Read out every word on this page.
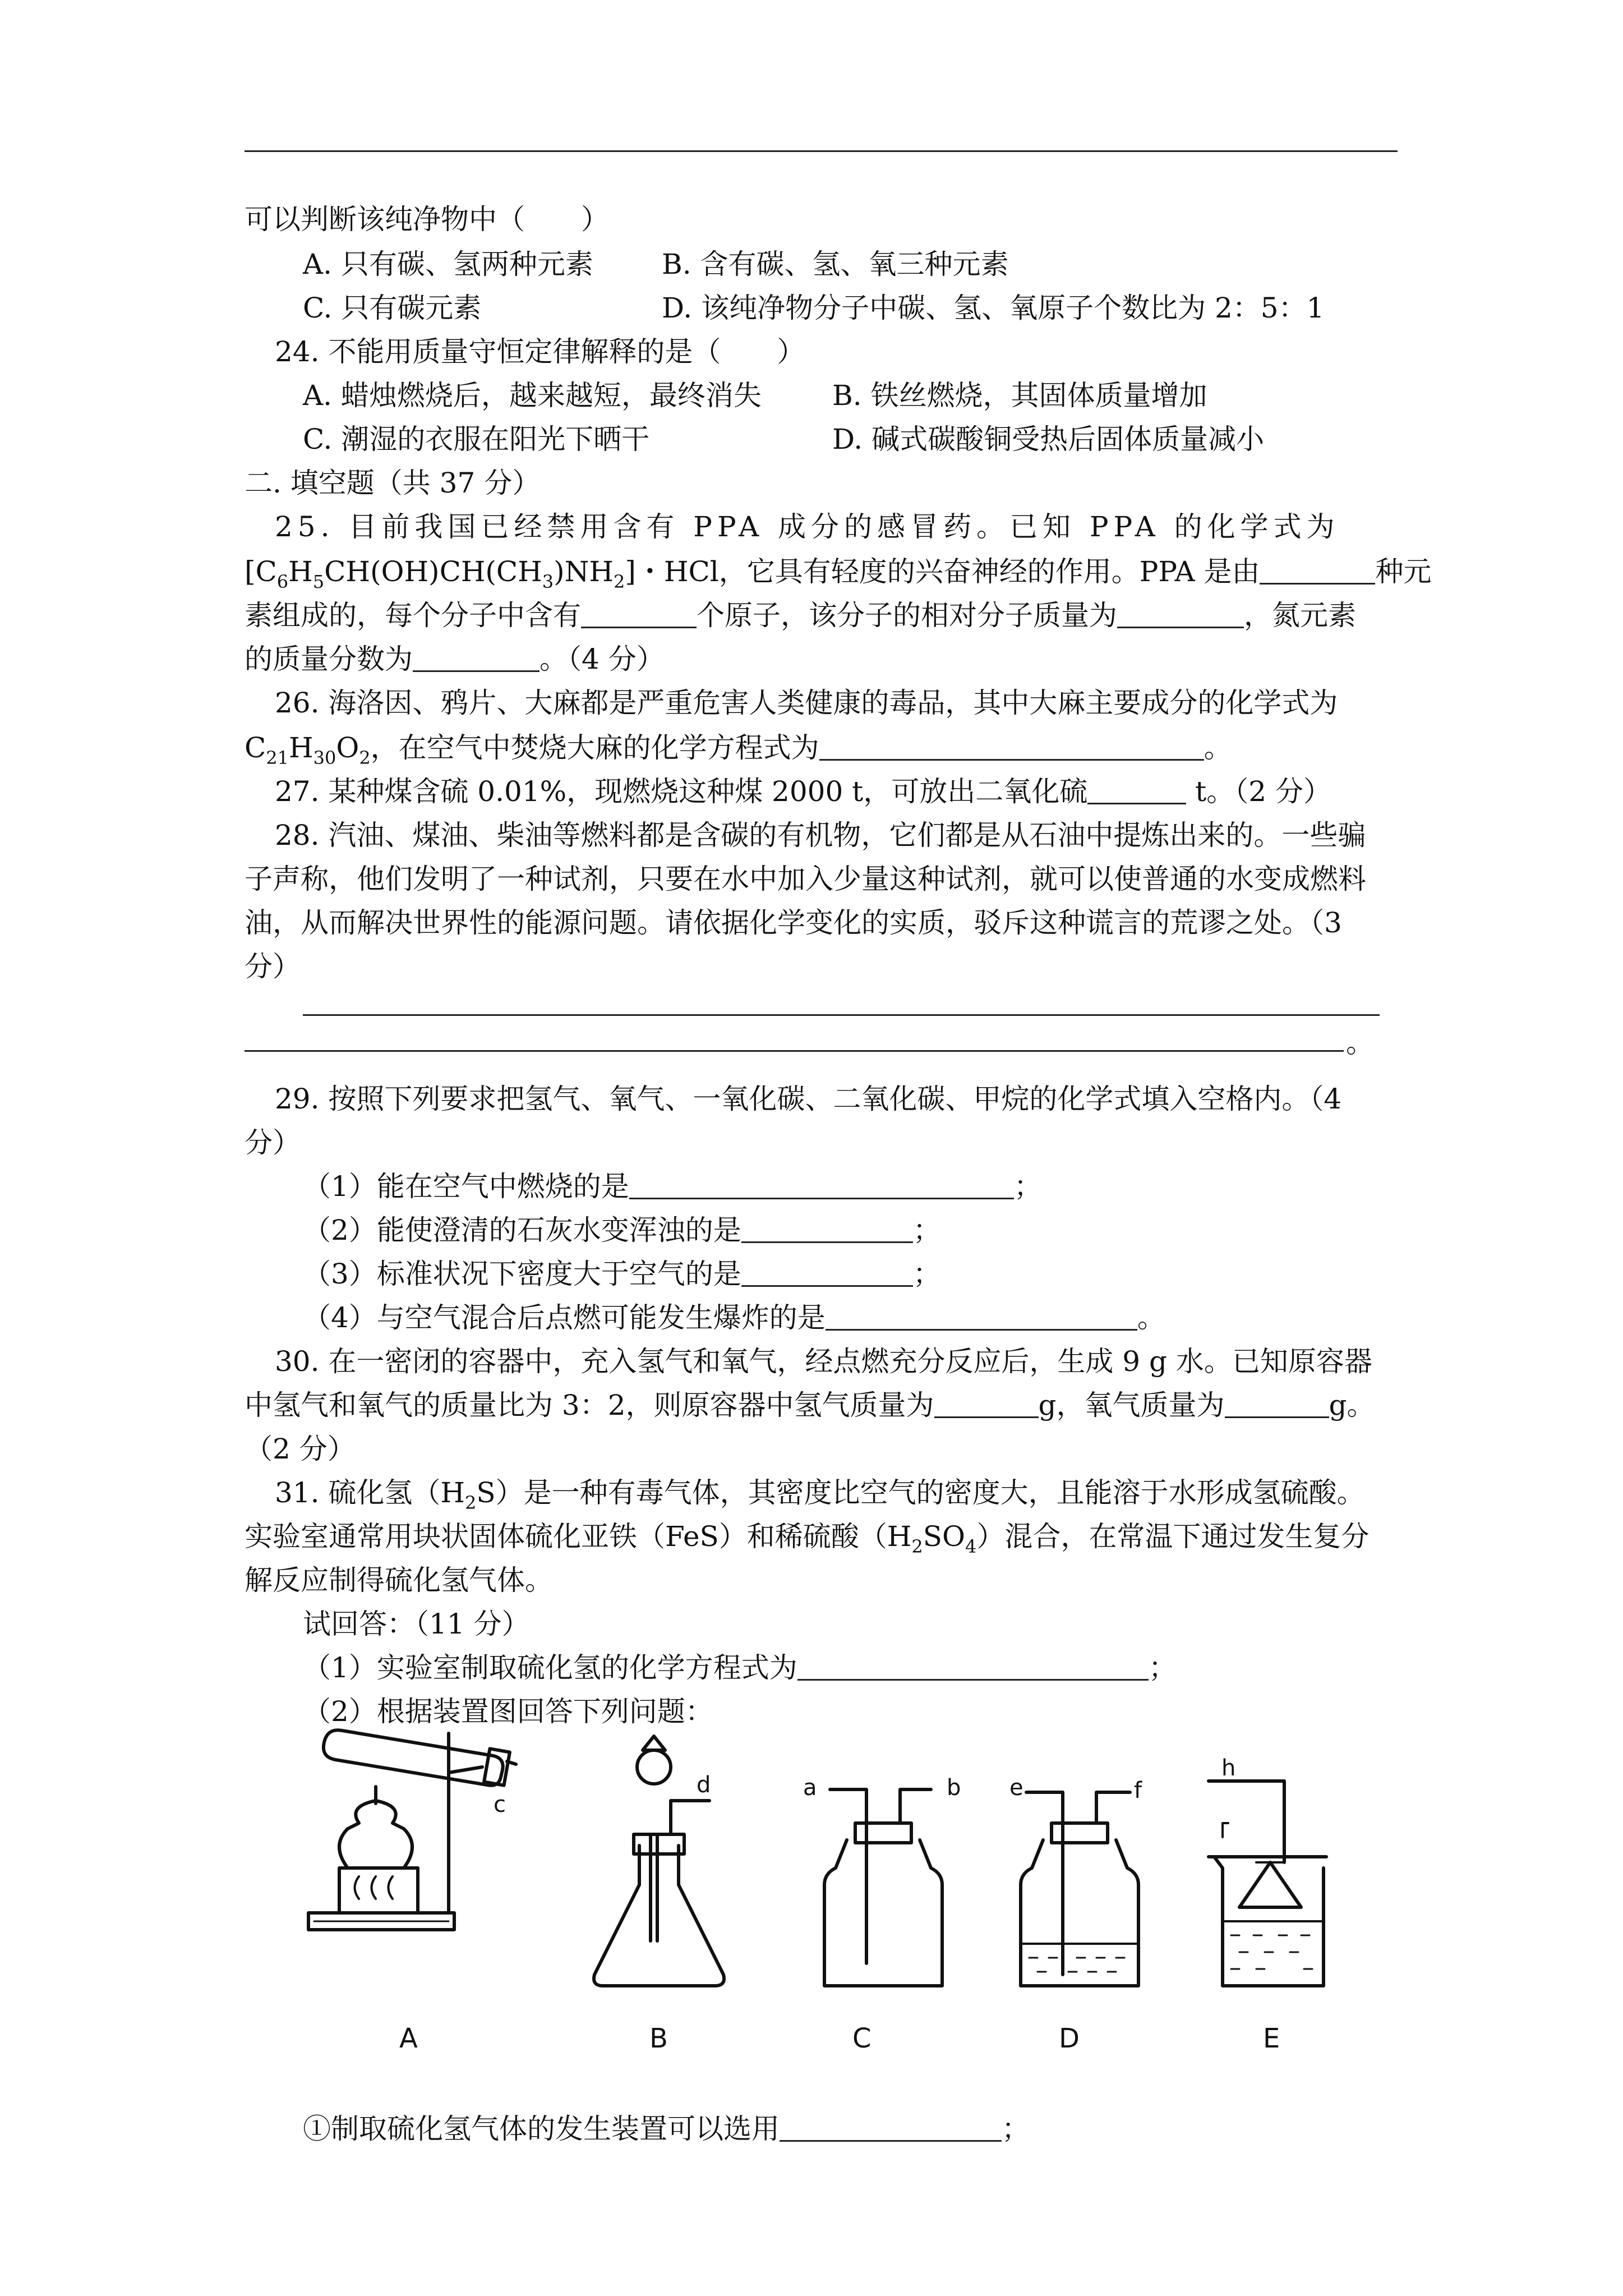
可以判断该纯净物中（　　）
A. 只有碳、氢两种元素 B. 含有碳、氢、氧三种元素
C. 只有碳元素	D. 该纯净物分子中碳、氢、氧原子个数比为 2：5：1
24. 不能用质量守恒定律解释的是（　　）
A. 蜡烛燃烧后，越来越短，最终消失	B. 铁丝燃烧，其固体质量增加
C. 潮湿的衣服在阳光下晒干	D. 碱式碳酸铜受热后固体质量减小
二. 填空题（共 37 分）
25. 目前我国已经禁用含有 PPA 成分的感冒药。已知 PPA 的化学式为
$[C_6H_5CH(OH)CH(CH_3)NH_2]$・HCl，它具有轻度的兴奋神经的作用。PPA 是由	种元
素组成的，每个分子中含有	个原子，该分子的相对分子质量为	，氮元素
的质量分数为	。（4 分）
26. 海洛因、鸦片、大麻都是严重危害人类健康的毒品，其中大麻主要成分的化学式为
$C_{21}H_{30}O_2$，在空气中焚烧大麻的化学方程式为	。
27. 某种煤含硫 0.01%，现燃烧这种煤 2000 t，可放出二氧化硫	t。（2 分）
28. 汽油、煤油、柴油等燃料都是含碳的有机物，它们都是从石油中提炼出来的。一些骗
子声称，他们发明了一种试剂，只要在水中加入少量这种试剂，就可以使普通的水变成燃料
油，从而解决世界性的能源问题。请依据化学变化的实质，驳斥这种谎言的荒谬之处。（3
分）
。
29. 按照下列要求把氢气、氧气、一氧化碳、二氧化碳、甲烷的化学式填入空格内。（4
分）
（1）能在空气中燃烧的是	；
（2）能使澄清的石灰水变浑浊的是	；
（3）标准状况下密度大于空气的是	；
（4）与空气混合后点燃可能发生爆炸的是	。
30. 在一密闭的容器中，充入氢气和氧气，经点燃充分反应后，生成 9 g 水。已知原容器
中氢气和氧气的质量比为 3：2，则原容器中氢气质量为	g，氧气质量为	g。
（2 分）
31. 硫化氢$(H_2S)$是一种有毒气体，其密度比空气的密度大，且能溶于水形成氢硫酸。
实验室通常用块状固体硫化亚铁（FeS）和稀硫酸$(H_2SO_4)$混合，在常温下通过发生复分
解反应制得硫化氢气体。
试回答：（11 分）
（1）实验室制取硫化氢的化学方程式为	；
（2）根据装置图回答下列问题：
c
d	a	b e	f
h
A	B	C	D	E
①制取硫化氢气体的发生装置可以选用	；
